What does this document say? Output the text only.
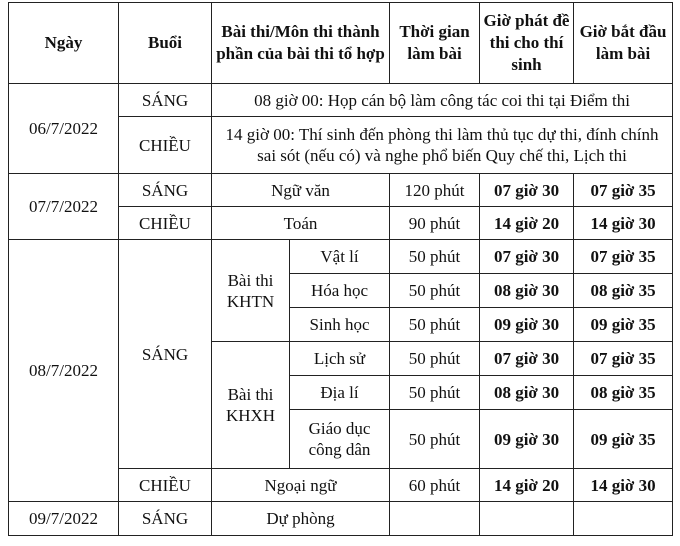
Ngày	Buổi	Bài thi/Môn thi thành phần của bài thi tổ hợp		Thời gian làm bài	Giờ phát đề thi cho thí sinh	Giờ bắt đầu làm bài
06/7/2022	SÁNG	08 giờ 00: Họp cán bộ làm công tác coi thi tại Điểm thi				
	CHIỀU	14 giờ 00: Thí sinh đến phòng thi làm thủ tục dự thi, đính chính sai sót (nếu có) và nghe phổ biến Quy chế thi, Lịch thi				
07/7/2022	SÁNG	Ngữ văn		120 phút	07 giờ 30	07 giờ 35
	CHIỀU	Toán		90 phút	14 giờ 20	14 giờ 30
08/7/2022	SÁNG	Bài thi KHTN	Vật lí	50 phút	07 giờ 30	07 giờ 35
			Hóa học	50 phút	08 giờ 30	08 giờ 35
			Sinh học	50 phút	09 giờ 30	09 giờ 35
		Bài thi KHXH	Lịch sử	50 phút	07 giờ 30	07 giờ 35
			Địa lí	50 phút	08 giờ 30	08 giờ 35
			Giáo dục công dân	50 phút	09 giờ 30	09 giờ 35
	CHIỀU	Ngoại ngữ		60 phút	14 giờ 20	14 giờ 30
09/7/2022	SÁNG	Dự phòng				
